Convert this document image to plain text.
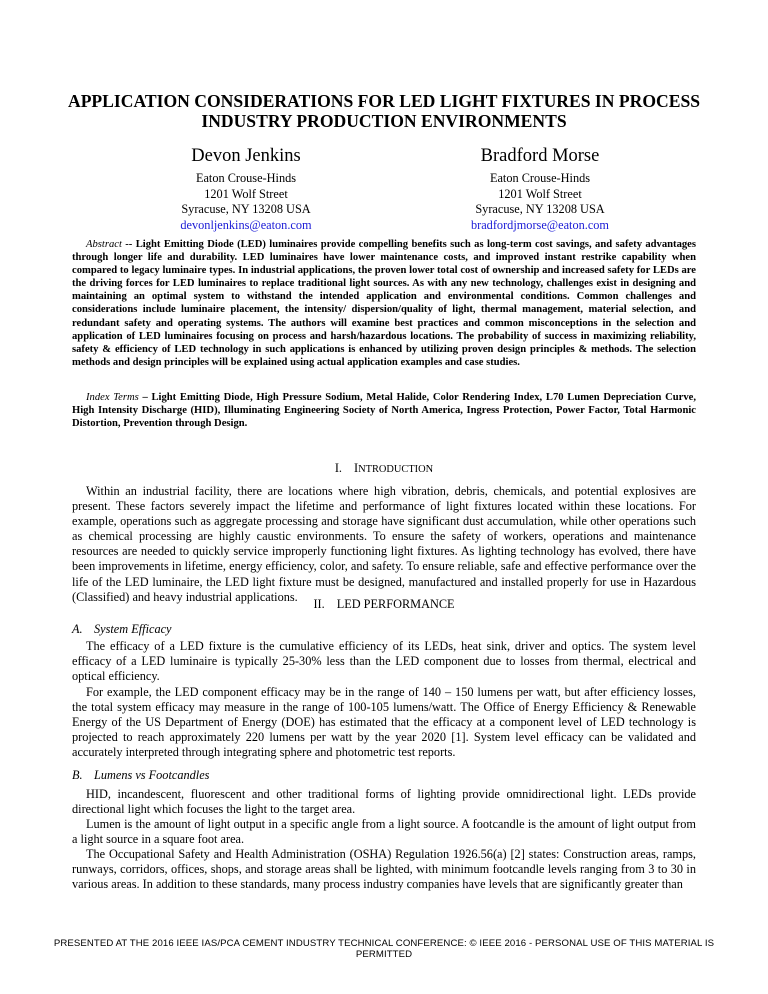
APPLICATION CONSIDERATIONS FOR LED LIGHT FIXTURES IN PROCESS INDUSTRY PRODUCTION ENVIRONMENTS
Devon Jenkins
Eaton Crouse-Hinds
1201 Wolf Street
Syracuse, NY 13208 USA
devonljenkins@eaton.com
Bradford Morse
Eaton Crouse-Hinds
1201 Wolf Street
Syracuse, NY 13208 USA
bradfordjmorse@eaton.com
Abstract -- Light Emitting Diode (LED) luminaires provide compelling benefits such as long-term cost savings, and safety advantages through longer life and durability. LED luminaires have lower maintenance costs, and improved instant restrike capability when compared to legacy luminaire types. In industrial applications, the proven lower total cost of ownership and increased safety for LEDs are the driving forces for LED luminaires to replace traditional light sources. As with any new technology, challenges exist in designing and maintaining an optimal system to withstand the intended application and environmental conditions. Common challenges and considerations include luminaire placement, the intensity/ dispersion/quality of light, thermal management, material selection, and redundant safety and operating systems. The authors will examine best practices and common misconceptions in the selection and application of LED luminaires focusing on process and harsh/hazardous locations. The probability of success in maximizing reliability, safety & efficiency of LED technology in such applications is enhanced by utilizing proven design principles & methods. The selection methods and design principles will be explained using actual application examples and case studies.
Index Terms – Light Emitting Diode, High Pressure Sodium, Metal Halide, Color Rendering Index, L70 Lumen Depreciation Curve, High Intensity Discharge (HID), Illuminating Engineering Society of North America, Ingress Protection, Power Factor, Total Harmonic Distortion, Prevention through Design.
I. INTRODUCTION

Within an industrial facility, there are locations where high vibration, debris, chemicals, and potential explosives are present. These factors severely impact the lifetime and performance of light fixtures located within these locations. For example, operations such as aggregate processing and storage have significant dust accumulation, while other operations such as chemical processing are highly caustic environments. To ensure the safety of workers, operations and maintenance resources are needed to quickly service improperly functioning light fixtures. As lighting technology has evolved, there have been improvements in lifetime, energy efficiency, color, and safety. To ensure reliable, safe and effective performance over the life of the LED luminaire, the LED light fixture must be designed, manufactured and installed properly for use in Hazardous (Classified) and heavy industrial applications.

II. LED PERFORMANCE
A. System Efficacy

The efficacy of a LED fixture is the cumulative efficiency of its LEDs, heat sink, driver and optics. The system level efficacy of a LED luminaire is typically 25-30% less than the LED component due to losses from thermal, electrical and optical efficiency.

For example, the LED component efficacy may be in the range of 140 – 150 lumens per watt, but after efficiency losses, the total system efficacy may measure in the range of 100-105 lumens/watt. The Office of Energy Efficiency & Renewable Energy of the US Department of Energy (DOE) has estimated that the efficacy at a component level of LED technology is projected to reach approximately 220 lumens per watt by the year 2020 [1]. System level efficacy can be validated and accurately interpreted through integrating sphere and photometric test reports.

B. Lumens vs Footcandles

HID, incandescent, fluorescent and other traditional forms of lighting provide omnidirectional light. LEDs provide directional light which focuses the light to the target area.

Lumen is the amount of light output in a specific angle from a light source. A footcandle is the amount of light output from a light source in a square foot area.

The Occupational Safety and Health Administration (OSHA) Regulation 1926.56(a) [2] states: Construction areas, ramps, runways, corridors, offices, shops, and storage areas shall be lighted, with minimum footcandle levels ranging from 3 to 30 in various areas. In addition to these standards, many process industry companies have levels that are significantly greater than

PRESENTED AT THE 2016 IEEE IAS/PCA CEMENT INDUSTRY TECHNICAL CONFERENCE: © IEEE 2016 - PERSONAL USE OF THIS MATERIAL IS PERMITTED
